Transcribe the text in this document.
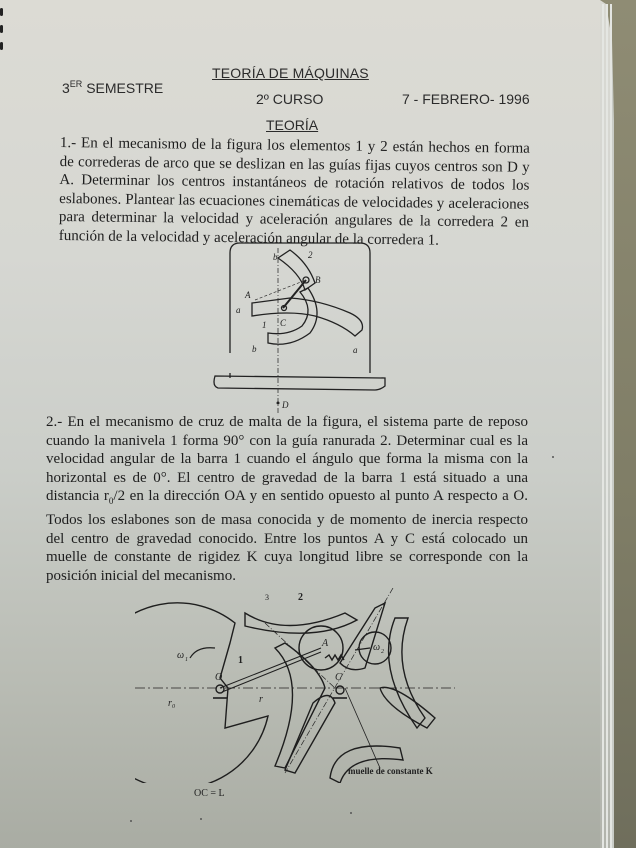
TEORÍA DE MÁQUINAS
3ER SEMESTRE
2º CURSO	7 - FEBRERO- 1996
TEORÍA
1.- En el mecanismo de la figura los elementos 1 y 2 están hechos en forma de correderas de arco que se deslizan en las guías fijas cuyos centros son D y A. Determinar los centros instantáneos de rotación relativos de todos los eslabones. Plantear las ecuaciones cinemáticas de velocidades y aceleraciones para determinar la velocidad y aceleración angulares de la corredera 2 en función de la velocidad y aceleración angular de la corredera 1.
b	2
B
A
a
1 C
b	a
D
2.- En el mecanismo de cruz de malta de la figura, el sistema parte de reposo cuando la manivela 1 forma 90° con la guía ranurada 2. Determinar cual es la velocidad angular de la barra 1 cuando el ángulo que forma la misma con la horizontal es de 0°. El centro de gravedad de la barra 1 está situado a una distancia $r_0/2$ en la dirección OA y en sentido opuesto al punto A respecto a O. Todos los eslabones son de masa conocida y de momento de inercia respecto del centro de gravedad conocido. Entre los puntos A y C está colocado un muelle de constante de rigidez K cuya longitud libre se corresponde con la posición inicial del mecanismo.
ω 1
ω 2
1
2
3
O
A
C
r 0
r
muelle de constante K
OC = L
